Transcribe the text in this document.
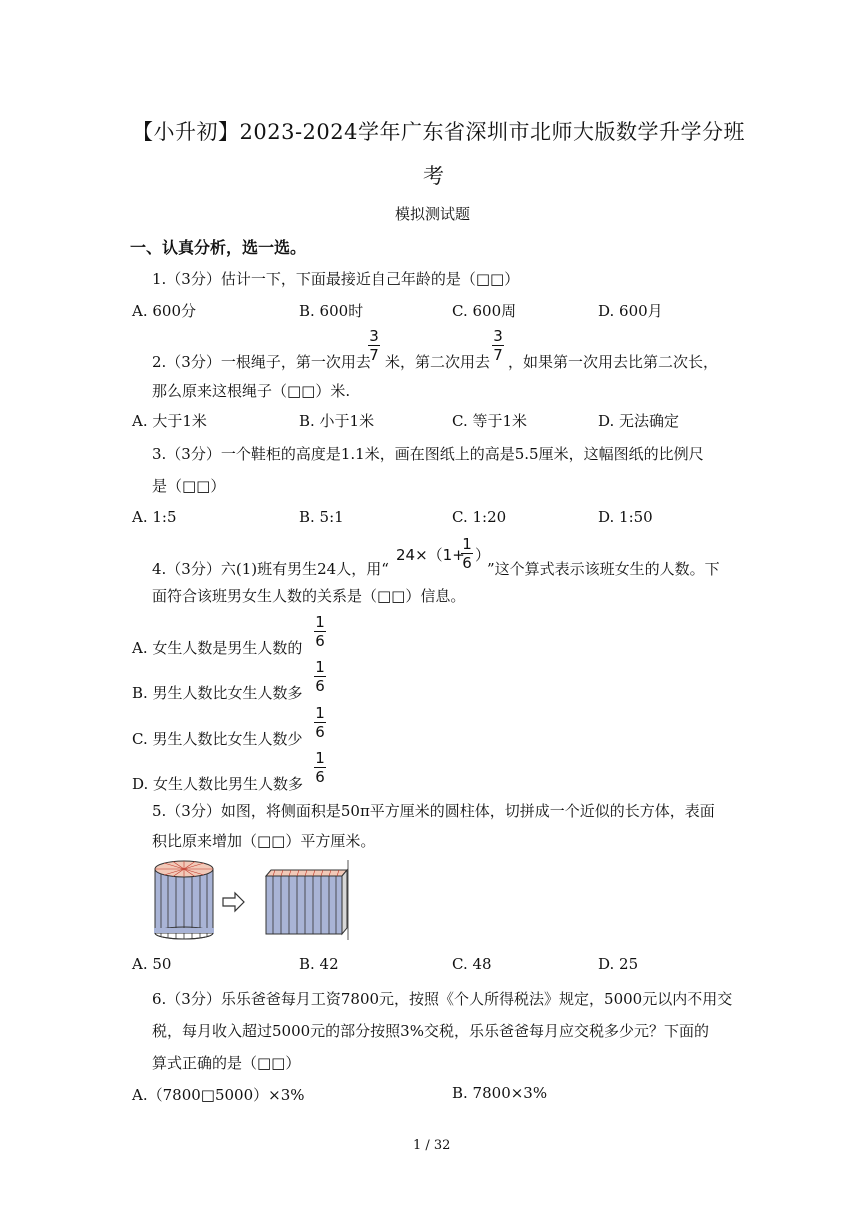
【小升初】2023-2024学年广东省深圳市北师大版数学升学分班
考
模拟测试题
一、认真分析，选一选。
1.（3分）估计一下，下面最接近自己年龄的是（□□）
A. 600分	B. 600时	C. 600周	D. 600月
2.（3分）一根绳子，第一次用去
3
7 米，第二次用去
3
7 ，如果第一次用去比第二次长，
那么原来这根绳子（□□）米.
A. 大于1米	B. 小于1米	C. 等于1米	D. 无法确定
3.（3分）一个鞋柜的高度是1.1米，画在图纸上的高是5.5厘米，这幅图纸的比例尺
是（□□）
A. 1:5	B. 5:1	C. 1:20	D. 1:50
4.（3分）六(1)班有男生24人，用“
24×（1+
1
6 ）
”这个算式表示该班女生的人数。下
面符合该班男女生人数的关系是（□□）信息。
A. 女生人数是男生人数的
1
6
B. 男生人数比女生人数多
1
6
C. 男生人数比女生人数少
1
6
D. 女生人数比男生人数多
1
6
5.（3分）如图，将侧面积是50π平方厘米的圆柱体，切拼成一个近似的长方体，表面
积比原来增加（□□）平方厘米。
A. 50	B. 42	C. 48	D. 25
6.（3分）乐乐爸爸每月工资7800元，按照《个人所得税法》规定，5000元以内不用交
税，每月收入超过5000元的部分按照3%交税，乐乐爸爸每月应交税多少元？下面的
算式正确的是（□□）
A.（7800□5000）×3%	B. 7800×3%
1 / 32
